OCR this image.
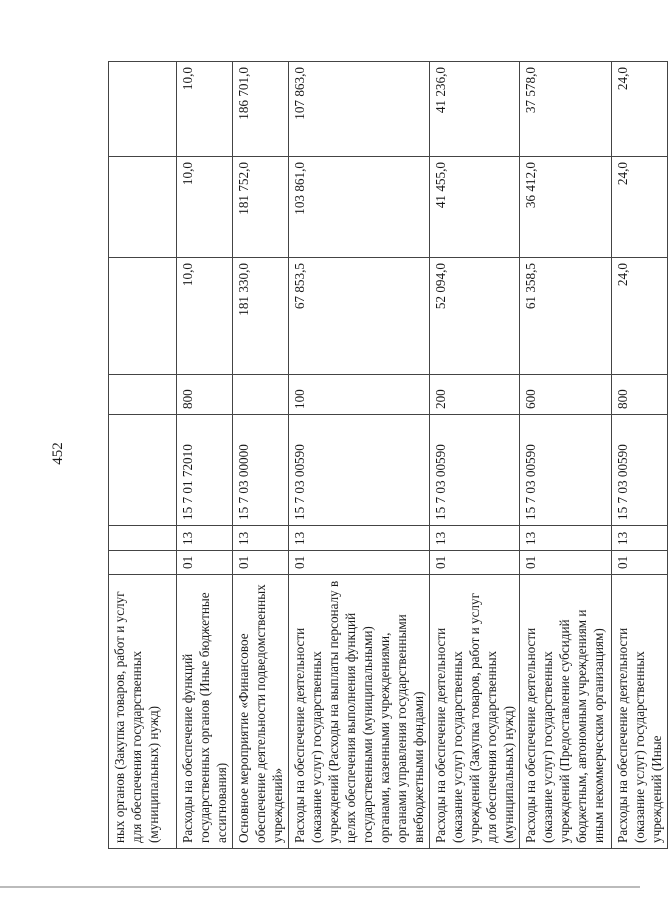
452
ных органов (Закупка товаров, работ и услуг для обеспечения государственных (муниципальных) нужд)							
Расходы на обеспечение функций государственных органов (Иные бюджетные ассигнования)	01	13	15 7 01 72010	800	10,0	10,0	10,0
Основное мероприятие «Финансовое обеспечение деятельности подведомственных учреждений»	01	13	15 7 03 00000		181 330,0	181 752,0	186 701,0
Расходы на обеспечение деятельности (оказание услуг) государственных учреждений (Расходы на выплаты персоналу в целях обеспечения выполнения функций государственными (муниципальными) органами, казенными учреждениями, органами управления государственными внебюджетными фондами)	01	13	15 7 03 00590	100	67 853,5	103 861,0	107 863,0
Расходы на обеспечение деятельности (оказание услуг) государственных учреждений (Закупка товаров, работ и услуг для обеспечения государственных (муниципальных) нужд)	01	13	15 7 03 00590	200	52 094,0	41 455,0	41 236,0
Расходы на обеспечение деятельности (оказание услуг) государственных учреждений (Предоставление субсидий бюджетным, автономным учреждениям и иным некоммерческим организациям)	01	13	15 7 03 00590	600	61 358,5	36 412,0	37 578,0
Расходы на обеспечение деятельности (оказание услуг) государственных учреждений (Иные	01	13	15 7 03 00590	800	24,0	24,0	24,0
